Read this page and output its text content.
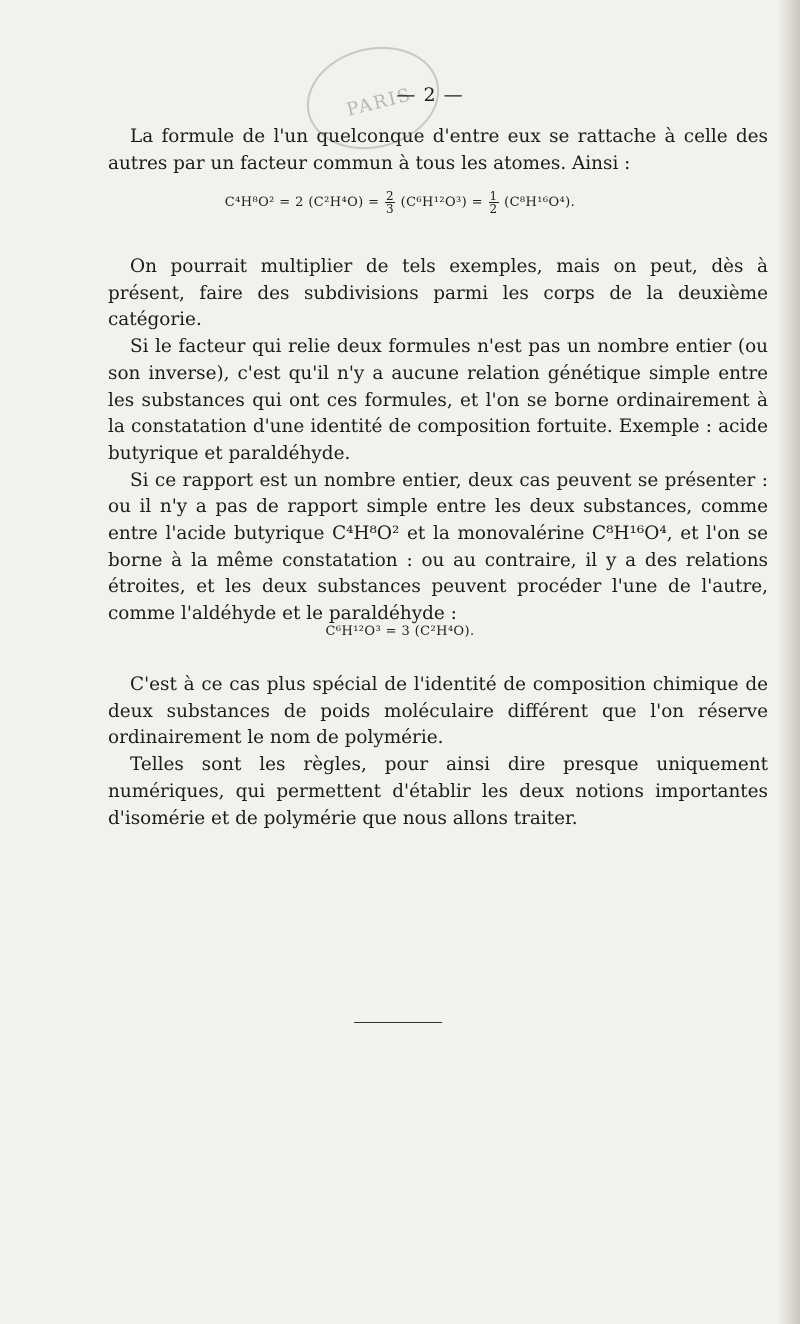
PARIS
— 2 —

La formule de l'un quelconque d'entre eux se rattache à celle des autres par un facteur commun à tous les atomes. Ainsi :

C⁴H⁸O² = 2 $(C^2H^4O) = \frac{2}{3} (C^6H^{12}O^3) = \frac{1}{2} (C^8H^{16}O^4)$.

On pourrait multiplier de tels exemples, mais on peut, dès à présent, faire des subdivisions parmi les corps de la deuxième catégorie.

Si le facteur qui relie deux formules n'est pas un nombre entier (ou son inverse), c'est qu'il n'y a aucune relation génétique simple entre les substances qui ont ces formules, et l'on se borne ordinairement à la constatation d'une identité de composition fortuite. Exemple : acide butyrique et paraldéhyde.

Si ce rapport est un nombre entier, deux cas peuvent se présenter : ou il n'y a pas de rapport simple entre les deux substances, comme entre l'acide butyrique C⁴H⁸O² et la monovalérine C⁸H¹⁶O⁴, et l'on se borne à la même constatation : ou au contraire, il y a des relations étroites, et les deux substances peuvent procéder l'une de l'autre, comme l'aldéhyde et le paraldéhyde :

C⁶H¹²O³ = 3 (C²H⁴O).

C'est à ce cas plus spécial de l'identité de composition chimique de deux substances de poids moléculaire différent que l'on réserve ordinairement le nom de polymérie.

Telles sont les règles, pour ainsi dire presque uniquement numériques, qui permettent d'établir les deux notions importantes d'isomérie et de polymérie que nous allons traiter.
